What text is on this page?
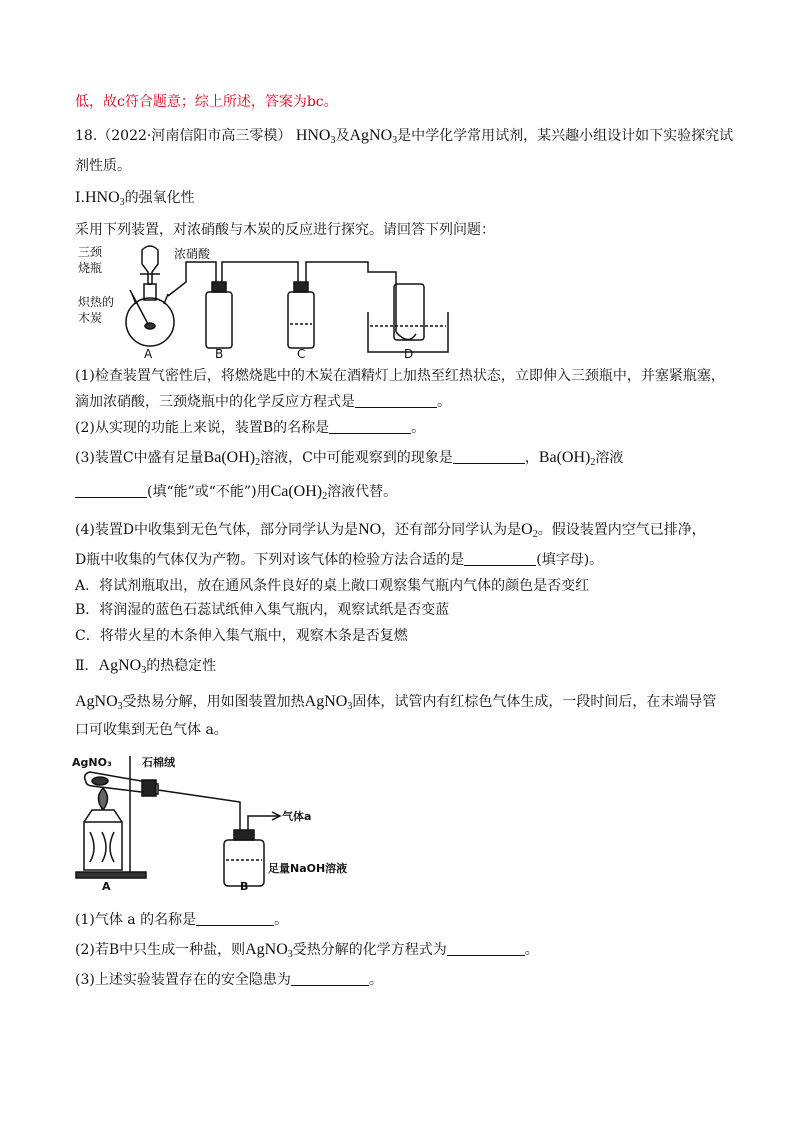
低，故c符合题意；综上所述，答案为bc。
18.（2022·河南信阳市高三零模） $HNO_3$及AgNO$_3$是中学化学常用试剂，某兴趣小组设计如下实验探究试
剂性质。
$Ⅰ.HNO_3$的强氧化性
采用下列装置，对浓硝酸与木炭的反应进行探究。请回答下列问题：
三颈
烧瓶
浓硝酸
炽热的
木炭
A	B	C	D
(1)检查装置气密性后，将燃烧匙中的木炭在酒精灯上加热至红热状态，立即伸入三颈瓶中，并塞紧瓶塞，
滴加浓硝酸，三颈烧瓶中的化学反应方程式是	。
(2)从实现的功能上来说，装置B的名称是	。
(3)装置C中盛有足量$Ba(OH)_2$溶液，C中可能观察到的现象是	，$Ba(OH)_2$溶液
(填“能”或“不能”)用$Ca(OH)_2$溶液代替。
(4)装置D中收集到无色气体，部分同学认为是NO，还有部分同学认为是$O_2$。假设装置内空气已排净，
D瓶中收集的气体仅为产物。下列对该气体的检验方法合适的是	(填字母)。
A．将试剂瓶取出，放在通风条件良好的桌上敞口观察集气瓶内气体的颜色是否变红
B．将润湿的蓝色石蕊试纸伸入集气瓶内，观察试纸是否变蓝
C．将带火星的木条伸入集气瓶中，观察木条是否复燃
Ⅱ．AgNO$_3$的热稳定性
AgNO$_3$受热易分解，用如图装置加热AgNO$_3$固体，试管内有红棕色气体生成，一段时间后，在末端导管
口可收集到无色气体 a。
AgNO₃	石棉绒
气体a
足量NaOH溶液
A	B
(1)气体 a 的名称是	。
(2)若B中只生成一种盐，则AgNO$_3$受热分解的化学方程式为	。
(3)上述实验装置存在的安全隐患为	。
